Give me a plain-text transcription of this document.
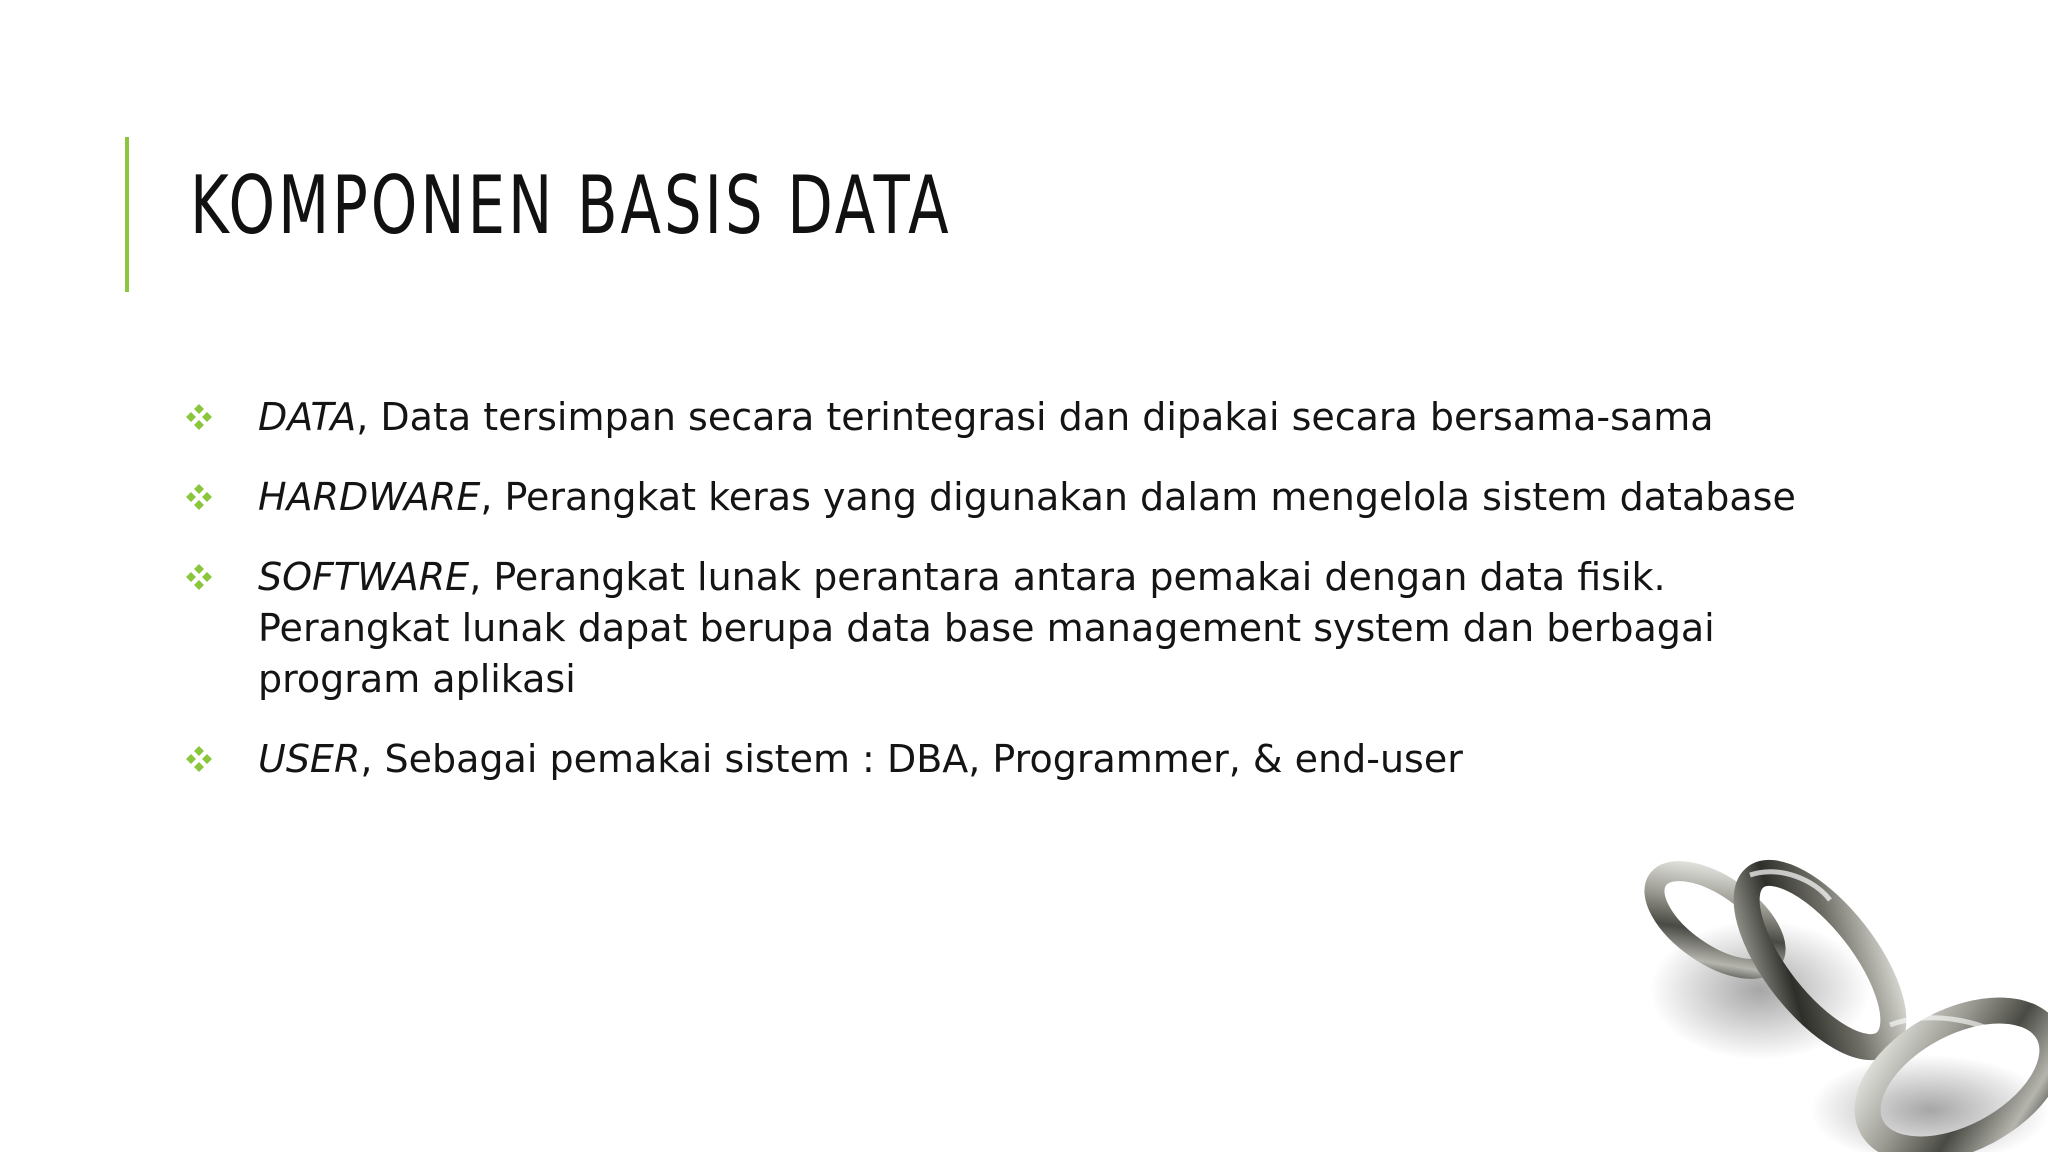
KOMPONEN BASIS DATA
DATA, Data tersimpan secara terintegrasi dan dipakai secara bersama-sama
HARDWARE, Perangkat keras yang digunakan dalam mengelola sistem database
SOFTWARE, Perangkat lunak perantara antara pemakai dengan data fisik. Perangkat lunak dapat berupa data base management system dan berbagai program aplikasi
USER, Sebagai pemakai sistem : DBA, Programmer, & end-user
